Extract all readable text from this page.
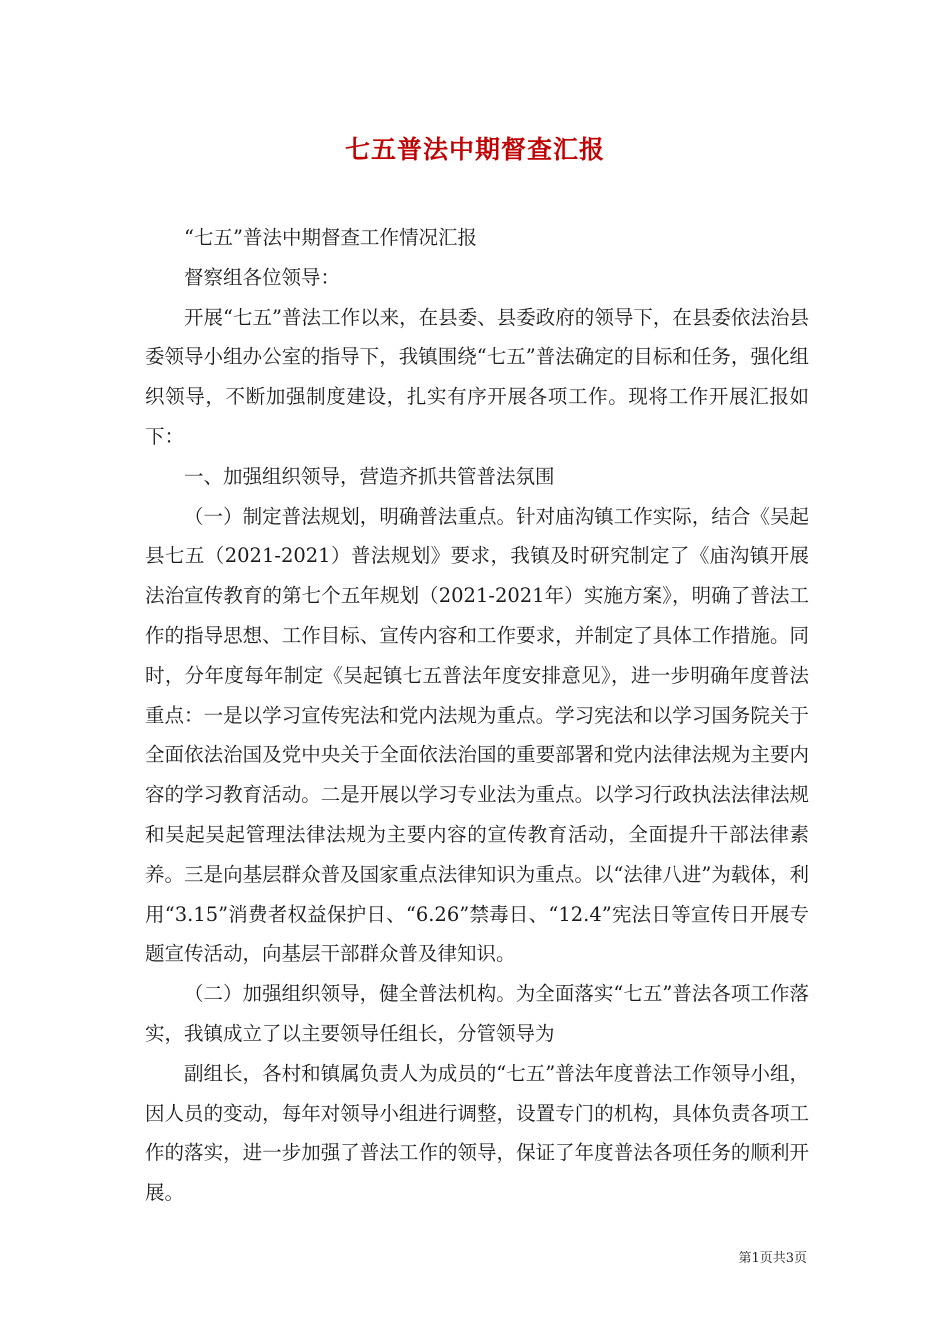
七五普法中期督查汇报

“七五”普法中期督查工作情况汇报

督察组各位领导：

开展“七五”普法工作以来，在县委、县委政府的领导下，在县委依法治县委领导小组办公室的指导下，我镇围绕“七五”普法确定的目标和任务，强化组织领导，不断加强制度建设，扎实有序开展各项工作。现将工作开展汇报如下：

一、加强组织领导，营造齐抓共管普法氛围

（一）制定普法规划，明确普法重点。针对庙沟镇工作实际，结合《吴起县七五（2021-2021）普法规划》要求，我镇及时研究制定了《庙沟镇开展法治宣传教育的第七个五年规划（2021-2021年）实施方案》，明确了普法工作的指导思想、工作目标、宣传内容和工作要求，并制定了具体工作措施。同时，分年度每年制定《吴起镇七五普法年度安排意见》，进一步明确年度普法重点：一是以学习宣传宪法和党内法规为重点。学习宪法和以学习国务院关于全面依法治国及党中央关于全面依法治国的重要部署和党内法律法规为主要内容的学习教育活动。二是开展以学习专业法为重点。以学习行政执法法律法规和吴起吴起管理法律法规为主要内容的宣传教育活动，全面提升干部法律素养。三是向基层群众普及国家重点法律知识为重点。以“法律八进”为载体，利用“3.15”消费者权益保护日、“6.26”禁毒日、“12.4”宪法日等宣传日开展专题宣传活动，向基层干部群众普及律知识。

（二）加强组织领导，健全普法机构。为全面落实“七五”普法各项工作落实，我镇成立了以主要领导任组长，分管领导为

副组长，各村和镇属负责人为成员的“七五”普法年度普法工作领导小组，因人员的变动，每年对领导小组进行调整，设置专门的机构，具体负责各项工作的落实，进一步加强了普法工作的领导，保证了年度普法各项任务的顺利开展。

第1页共3页
